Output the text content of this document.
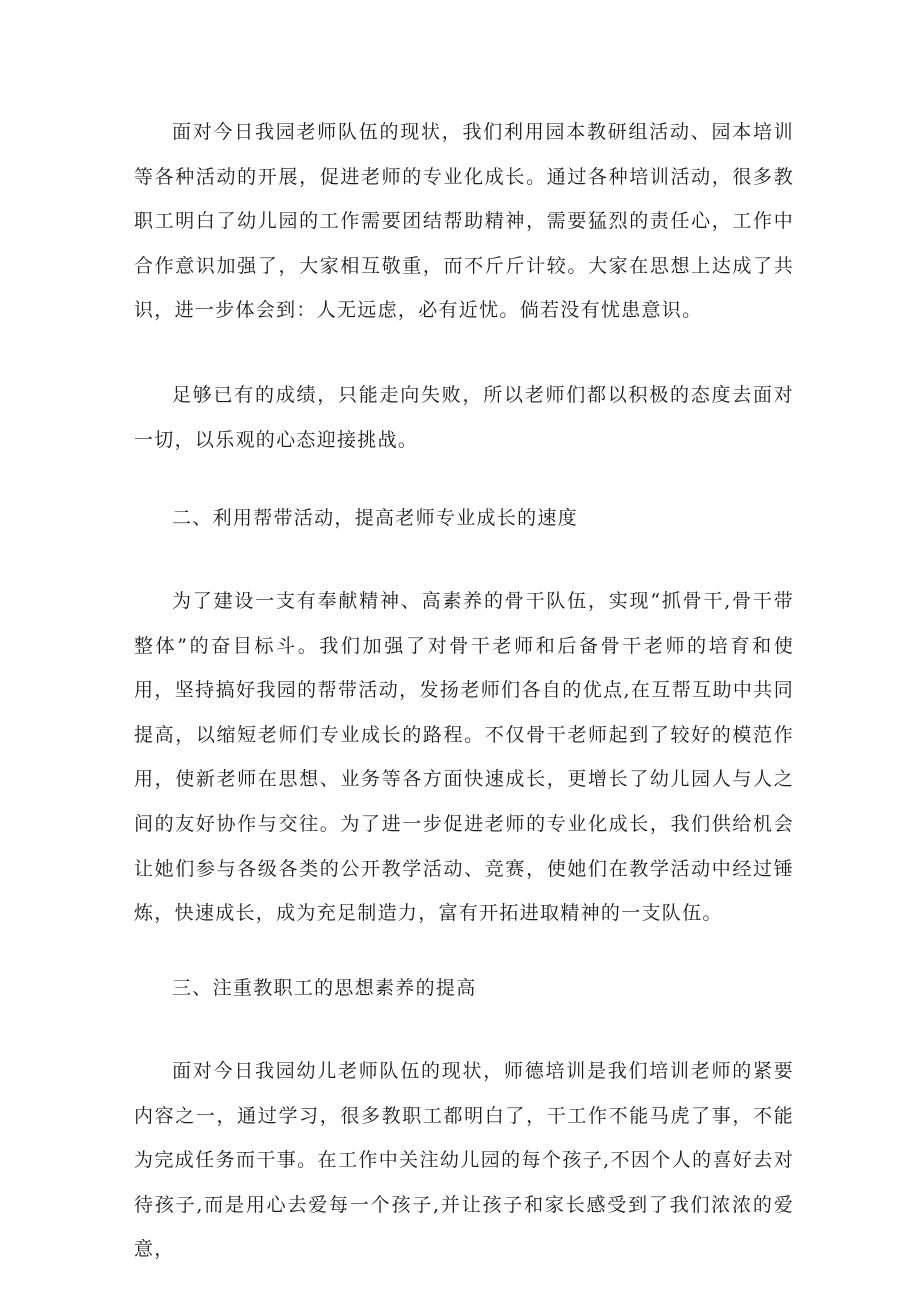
面对今日我园老师队伍的现状，我们利用园本教研组活动、园本培训等各种活动的开展，促进老师的专业化成长。通过各种培训活动，很多教职工明白了幼儿园的工作需要团结帮助精神，需要猛烈的责任心，工作中合作意识加强了，大家相互敬重，而不斤斤计较。大家在思想上达成了共识，进一步体会到：人无远虑，必有近忧。倘若没有忧患意识。

足够已有的成绩，只能走向失败，所以老师们都以积极的态度去面对一切，以乐观的心态迎接挑战。

二、利用帮带活动，提高老师专业成长的速度

为了建设一支有奉献精神、高素养的骨干队伍，实现“抓骨干,骨干带整体”的奋目标斗。我们加强了对骨干老师和后备骨干老师的培育和使用，坚持搞好我园的帮带活动，发扬老师们各自的优点,在互帮互助中共同提高，以缩短老师们专业成长的路程。不仅骨干老师起到了较好的模范作用，使新老师在思想、业务等各方面快速成长，更增长了幼儿园人与人之间的友好协作与交往。为了进一步促进老师的专业化成长，我们供给机会让她们参与各级各类的公开教学活动、竞赛，使她们在教学活动中经过锤炼，快速成长，成为充足制造力，富有开拓进取精神的一支队伍。

三、注重教职工的思想素养的提高

面对今日我园幼儿老师队伍的现状，师德培训是我们培训老师的紧要内容之一，通过学习，很多教职工都明白了，干工作不能马虎了事，不能为完成任务而干事。在工作中关注幼儿园的每个孩子,不因个人的喜好去对待孩子,而是用心去爱每一个孩子,并让孩子和家长感受到了我们浓浓的爱意，
